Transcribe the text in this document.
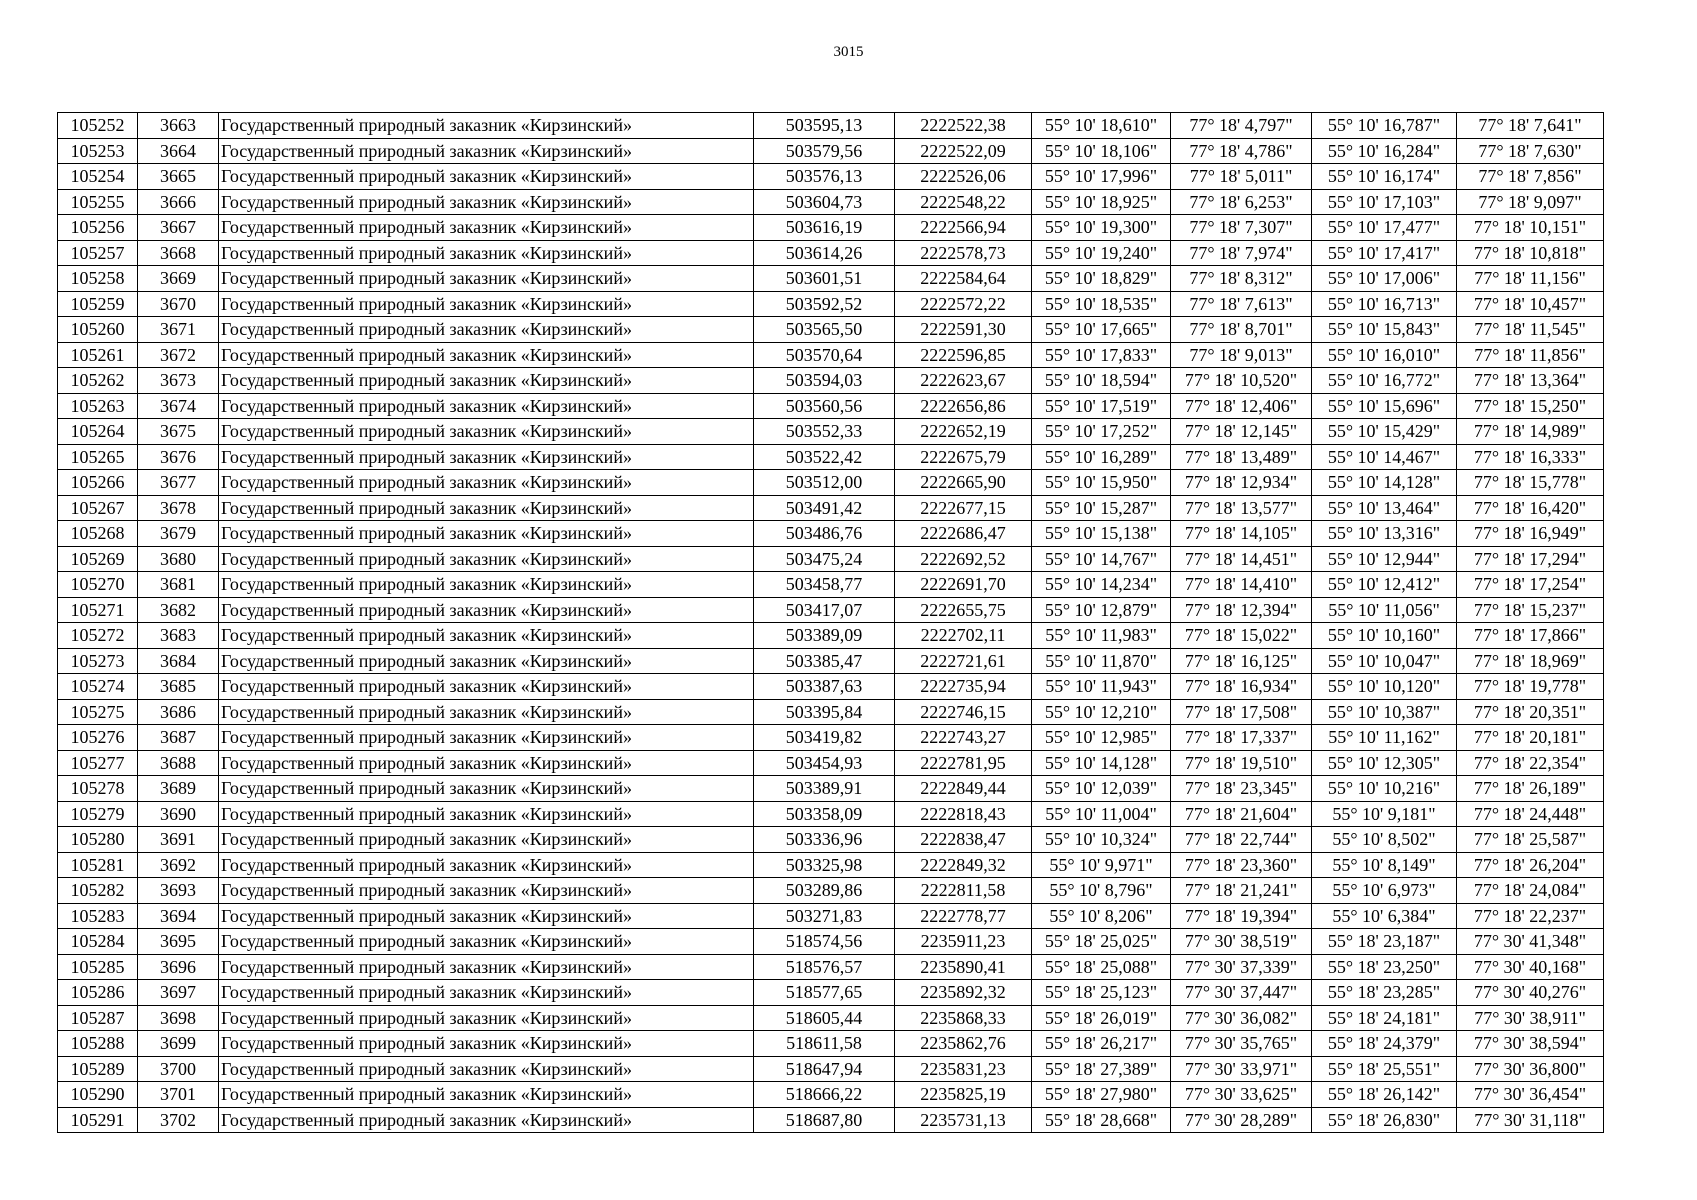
3015
105252	3663	Государственный природный заказник «Кирзинский»	503595,13	2222522,38	55° 10' 18,610"	77° 18' 4,797"	55° 10' 16,787"	77° 18' 7,641"
105253	3664	Государственный природный заказник «Кирзинский»	503579,56	2222522,09	55° 10' 18,106"	77° 18' 4,786"	55° 10' 16,284"	77° 18' 7,630"
105254	3665	Государственный природный заказник «Кирзинский»	503576,13	2222526,06	55° 10' 17,996"	77° 18' 5,011"	55° 10' 16,174"	77° 18' 7,856"
105255	3666	Государственный природный заказник «Кирзинский»	503604,73	2222548,22	55° 10' 18,925"	77° 18' 6,253"	55° 10' 17,103"	77° 18' 9,097"
105256	3667	Государственный природный заказник «Кирзинский»	503616,19	2222566,94	55° 10' 19,300"	77° 18' 7,307"	55° 10' 17,477"	77° 18' 10,151"
105257	3668	Государственный природный заказник «Кирзинский»	503614,26	2222578,73	55° 10' 19,240"	77° 18' 7,974"	55° 10' 17,417"	77° 18' 10,818"
105258	3669	Государственный природный заказник «Кирзинский»	503601,51	2222584,64	55° 10' 18,829"	77° 18' 8,312"	55° 10' 17,006"	77° 18' 11,156"
105259	3670	Государственный природный заказник «Кирзинский»	503592,52	2222572,22	55° 10' 18,535"	77° 18' 7,613"	55° 10' 16,713"	77° 18' 10,457"
105260	3671	Государственный природный заказник «Кирзинский»	503565,50	2222591,30	55° 10' 17,665"	77° 18' 8,701"	55° 10' 15,843"	77° 18' 11,545"
105261	3672	Государственный природный заказник «Кирзинский»	503570,64	2222596,85	55° 10' 17,833"	77° 18' 9,013"	55° 10' 16,010"	77° 18' 11,856"
105262	3673	Государственный природный заказник «Кирзинский»	503594,03	2222623,67	55° 10' 18,594"	77° 18' 10,520"	55° 10' 16,772"	77° 18' 13,364"
105263	3674	Государственный природный заказник «Кирзинский»	503560,56	2222656,86	55° 10' 17,519"	77° 18' 12,406"	55° 10' 15,696"	77° 18' 15,250"
105264	3675	Государственный природный заказник «Кирзинский»	503552,33	2222652,19	55° 10' 17,252"	77° 18' 12,145"	55° 10' 15,429"	77° 18' 14,989"
105265	3676	Государственный природный заказник «Кирзинский»	503522,42	2222675,79	55° 10' 16,289"	77° 18' 13,489"	55° 10' 14,467"	77° 18' 16,333"
105266	3677	Государственный природный заказник «Кирзинский»	503512,00	2222665,90	55° 10' 15,950"	77° 18' 12,934"	55° 10' 14,128"	77° 18' 15,778"
105267	3678	Государственный природный заказник «Кирзинский»	503491,42	2222677,15	55° 10' 15,287"	77° 18' 13,577"	55° 10' 13,464"	77° 18' 16,420"
105268	3679	Государственный природный заказник «Кирзинский»	503486,76	2222686,47	55° 10' 15,138"	77° 18' 14,105"	55° 10' 13,316"	77° 18' 16,949"
105269	3680	Государственный природный заказник «Кирзинский»	503475,24	2222692,52	55° 10' 14,767"	77° 18' 14,451"	55° 10' 12,944"	77° 18' 17,294"
105270	3681	Государственный природный заказник «Кирзинский»	503458,77	2222691,70	55° 10' 14,234"	77° 18' 14,410"	55° 10' 12,412"	77° 18' 17,254"
105271	3682	Государственный природный заказник «Кирзинский»	503417,07	2222655,75	55° 10' 12,879"	77° 18' 12,394"	55° 10' 11,056"	77° 18' 15,237"
105272	3683	Государственный природный заказник «Кирзинский»	503389,09	2222702,11	55° 10' 11,983"	77° 18' 15,022"	55° 10' 10,160"	77° 18' 17,866"
105273	3684	Государственный природный заказник «Кирзинский»	503385,47	2222721,61	55° 10' 11,870"	77° 18' 16,125"	55° 10' 10,047"	77° 18' 18,969"
105274	3685	Государственный природный заказник «Кирзинский»	503387,63	2222735,94	55° 10' 11,943"	77° 18' 16,934"	55° 10' 10,120"	77° 18' 19,778"
105275	3686	Государственный природный заказник «Кирзинский»	503395,84	2222746,15	55° 10' 12,210"	77° 18' 17,508"	55° 10' 10,387"	77° 18' 20,351"
105276	3687	Государственный природный заказник «Кирзинский»	503419,82	2222743,27	55° 10' 12,985"	77° 18' 17,337"	55° 10' 11,162"	77° 18' 20,181"
105277	3688	Государственный природный заказник «Кирзинский»	503454,93	2222781,95	55° 10' 14,128"	77° 18' 19,510"	55° 10' 12,305"	77° 18' 22,354"
105278	3689	Государственный природный заказник «Кирзинский»	503389,91	2222849,44	55° 10' 12,039"	77° 18' 23,345"	55° 10' 10,216"	77° 18' 26,189"
105279	3690	Государственный природный заказник «Кирзинский»	503358,09	2222818,43	55° 10' 11,004"	77° 18' 21,604"	55° 10' 9,181"	77° 18' 24,448"
105280	3691	Государственный природный заказник «Кирзинский»	503336,96	2222838,47	55° 10' 10,324"	77° 18' 22,744"	55° 10' 8,502"	77° 18' 25,587"
105281	3692	Государственный природный заказник «Кирзинский»	503325,98	2222849,32	55° 10' 9,971"	77° 18' 23,360"	55° 10' 8,149"	77° 18' 26,204"
105282	3693	Государственный природный заказник «Кирзинский»	503289,86	2222811,58	55° 10' 8,796"	77° 18' 21,241"	55° 10' 6,973"	77° 18' 24,084"
105283	3694	Государственный природный заказник «Кирзинский»	503271,83	2222778,77	55° 10' 8,206"	77° 18' 19,394"	55° 10' 6,384"	77° 18' 22,237"
105284	3695	Государственный природный заказник «Кирзинский»	518574,56	2235911,23	55° 18' 25,025"	77° 30' 38,519"	55° 18' 23,187"	77° 30' 41,348"
105285	3696	Государственный природный заказник «Кирзинский»	518576,57	2235890,41	55° 18' 25,088"	77° 30' 37,339"	55° 18' 23,250"	77° 30' 40,168"
105286	3697	Государственный природный заказник «Кирзинский»	518577,65	2235892,32	55° 18' 25,123"	77° 30' 37,447"	55° 18' 23,285"	77° 30' 40,276"
105287	3698	Государственный природный заказник «Кирзинский»	518605,44	2235868,33	55° 18' 26,019"	77° 30' 36,082"	55° 18' 24,181"	77° 30' 38,911"
105288	3699	Государственный природный заказник «Кирзинский»	518611,58	2235862,76	55° 18' 26,217"	77° 30' 35,765"	55° 18' 24,379"	77° 30' 38,594"
105289	3700	Государственный природный заказник «Кирзинский»	518647,94	2235831,23	55° 18' 27,389"	77° 30' 33,971"	55° 18' 25,551"	77° 30' 36,800"
105290	3701	Государственный природный заказник «Кирзинский»	518666,22	2235825,19	55° 18' 27,980"	77° 30' 33,625"	55° 18' 26,142"	77° 30' 36,454"
105291	3702	Государственный природный заказник «Кирзинский»	518687,80	2235731,13	55° 18' 28,668"	77° 30' 28,289"	55° 18' 26,830"	77° 30' 31,118"
